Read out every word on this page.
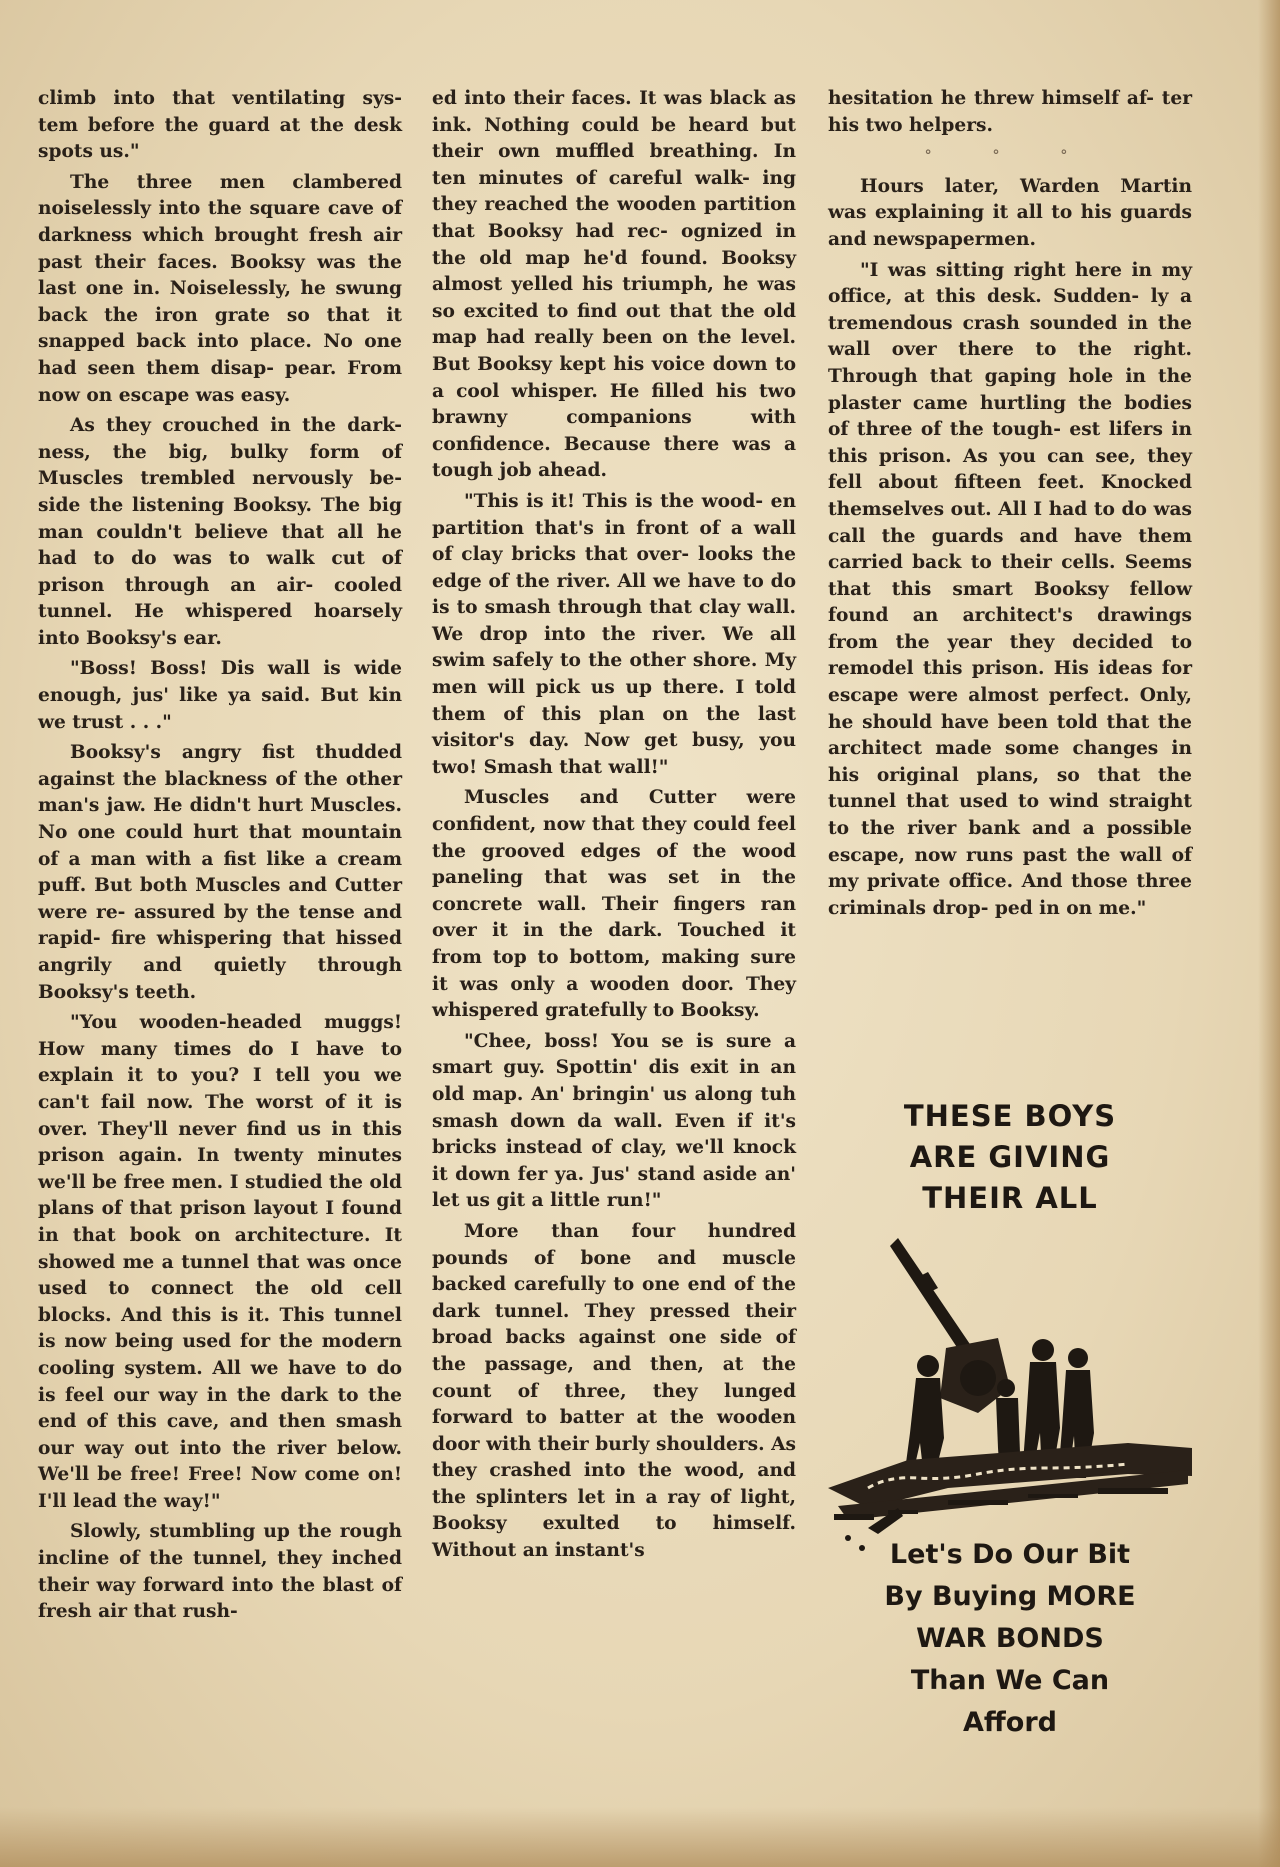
climb into that ventilating sys- tem before the guard at the desk spots us."

The three men clambered noiselessly into the square cave of darkness which brought fresh air past their faces. Booksy was the last one in. Noiselessly, he swung back the iron grate so that it snapped back into place. No one had seen them disap- pear. From now on escape was easy.

As they crouched in the dark- ness, the big, bulky form of Muscles trembled nervously be- side the listening Booksy. The big man couldn't believe that all he had to do was to walk cut of prison through an air- cooled tunnel. He whispered hoarsely into Booksy's ear.

"Boss! Boss! Dis wall is wide enough, jus' like ya said. But kin we trust . . ."

Booksy's angry fist thudded against the blackness of the other man's jaw. He didn't hurt Muscles. No one could hurt that mountain of a man with a fist like a cream puff. But both Muscles and Cutter were re- assured by the tense and rapid- fire whispering that hissed angrily and quietly through Booksy's teeth.

"You wooden-headed muggs! How many times do I have to explain it to you? I tell you we can't fail now. The worst of it is over. They'll never find us in this prison again. In twenty minutes we'll be free men. I studied the old plans of that prison layout I found in that book on architecture. It showed me a tunnel that was once used to connect the old cell blocks. And this is it. This tunnel is now being used for the modern cooling system. All we have to do is feel our way in the dark to the end of this cave, and then smash our way out into the river below. We'll be free! Free! Now come on! I'll lead the way!"

Slowly, stumbling up the rough incline of the tunnel, they inched their way forward into the blast of fresh air that rush-

ed into their faces. It was black as ink. Nothing could be heard but their own muffled breathing. In ten minutes of careful walk- ing they reached the wooden partition that Booksy had rec- ognized in the old map he'd found. Booksy almost yelled his triumph, he was so excited to find out that the old map had really been on the level. But Booksy kept his voice down to a cool whisper. He filled his two brawny companions with confidence. Because there was a tough job ahead.

"This is it! This is the wood- en partition that's in front of a wall of clay bricks that over- looks the edge of the river. All we have to do is to smash through that clay wall. We drop into the river. We all swim safely to the other shore. My men will pick us up there. I told them of this plan on the last visitor's day. Now get busy, you two! Smash that wall!"

Muscles and Cutter were confident, now that they could feel the grooved edges of the wood paneling that was set in the concrete wall. Their fingers ran over it in the dark. Touched it from top to bottom, making sure it was only a wooden door. They whispered gratefully to Booksy.

"Chee, boss! You se is sure a smart guy. Spottin' dis exit in an old map. An' bringin' us along tuh smash down da wall. Even if it's bricks instead of clay, we'll knock it down fer ya. Jus' stand aside an' let us git a little run!"

More than four hundred pounds of bone and muscle backed carefully to one end of the dark tunnel. They pressed their broad backs against one side of the passage, and then, at the count of three, they lunged forward to batter at the wooden door with their burly shoulders. As they crashed into the wood, and the splinters let in a ray of light, Booksy exulted to himself. Without an instant's

hesitation he threw himself af- ter his two helpers.

° ° °

Hours later, Warden Martin was explaining it all to his guards and newspapermen.

"I was sitting right here in my office, at this desk. Sudden- ly a tremendous crash sounded in the wall over there to the right. Through that gaping hole in the plaster came hurtling the bodies of three of the tough- est lifers in this prison. As you can see, they fell about fifteen feet. Knocked themselves out. All I had to do was call the guards and have them carried back to their cells. Seems that this smart Booksy fellow found an architect's drawings from the year they decided to remodel this prison. His ideas for escape were almost perfect. Only, he should have been told that the architect made some changes in his original plans, so that the tunnel that used to wind straight to the river bank and a possible escape, now runs past the wall of my private office. And those three criminals drop- ped in on me."

THESE BOYS
ARE GIVING
THEIR ALL
Let's Do Our Bit
By Buying MORE
WAR BONDS
Than We Can
Afford
